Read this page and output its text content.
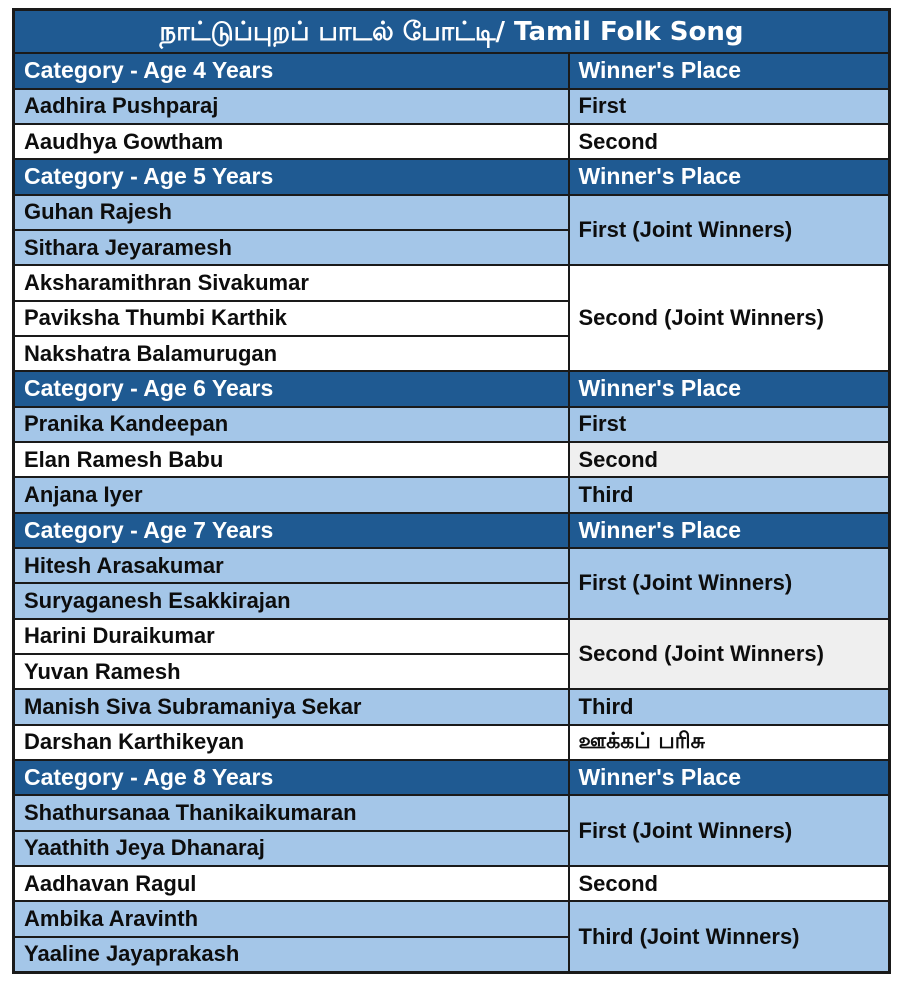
நாட்டுப்புறப் பாடல் போட்டி/ Tamil Folk Song	
Category - Age 4 Years	Winner's Place
Aadhira Pushparaj	First
Aaudhya Gowtham	Second
Category - Age 5 Years	Winner's Place
Guhan Rajesh	First (Joint Winners)
Sithara Jeyaramesh	
Aksharamithran Sivakumar	Second (Joint Winners)
Paviksha Thumbi Karthik	
Nakshatra Balamurugan	
Category - Age 6 Years	Winner's Place
Pranika Kandeepan	First
Elan Ramesh Babu	Second
Anjana Iyer	Third
Category - Age 7 Years	Winner's Place
Hitesh Arasakumar	First (Joint Winners)
Suryaganesh Esakkirajan	
Harini Duraikumar	Second (Joint Winners)
Yuvan Ramesh	
Manish Siva Subramaniya Sekar	Third
Darshan Karthikeyan	ஊக்கப் பரிசு
Category - Age 8 Years	Winner's Place
Shathursanaa Thanikaikumaran	First (Joint Winners)
Yaathith Jeya Dhanaraj	
Aadhavan Ragul	Second
Ambika Aravinth	Third (Joint Winners)
Yaaline Jayaprakash	
